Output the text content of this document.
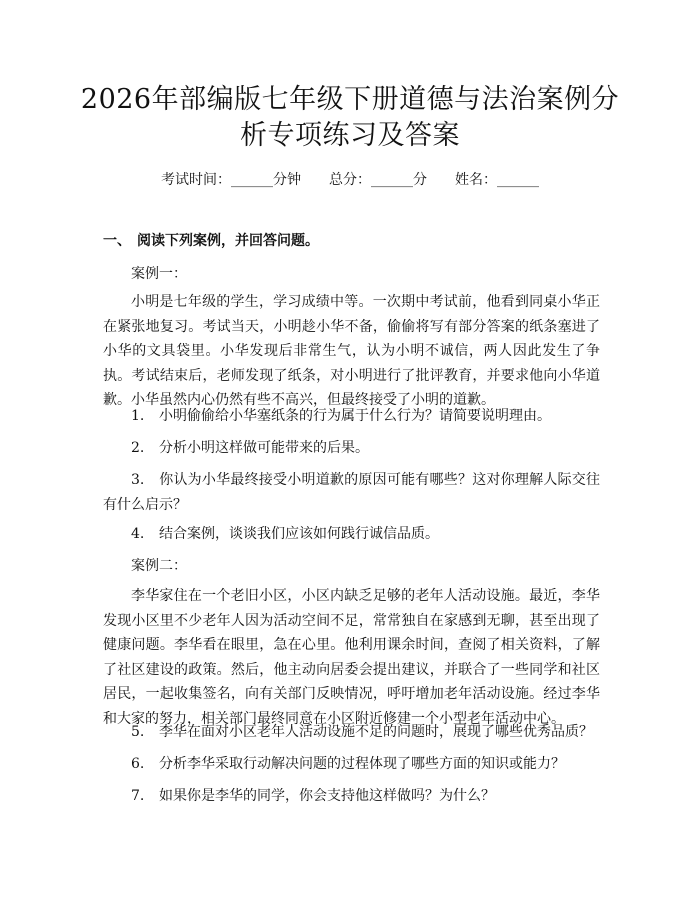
2026年部编版七年级下册道德与法治案例分析专项练习及答案
考试时间：______分钟 总分：______分 姓名：______
一、 阅读下列案例，并回答问题。
案例一：
小明是七年级的学生，学习成绩中等。一次期中考试前，他看到同桌小华正在紧张地复习。考试当天，小明趁小华不备，偷偷将写有部分答案的纸条塞进了小华的文具袋里。小华发现后非常生气，认为小明不诚信，两人因此发生了争执。考试结束后，老师发现了纸条，对小明进行了批评教育，并要求他向小华道歉。小华虽然内心仍然有些不高兴，但最终接受了小明的道歉。
1. 小明偷偷给小华塞纸条的行为属于什么行为？请简要说明理由。
2. 分析小明这样做可能带来的后果。
3. 你认为小华最终接受小明道歉的原因可能有哪些？这对你理解人际交往有什么启示？
4. 结合案例，谈谈我们应该如何践行诚信品质。
案例二：
李华家住在一个老旧小区，小区内缺乏足够的老年人活动设施。最近，李华发现小区里不少老年人因为活动空间不足，常常独自在家感到无聊，甚至出现了健康问题。李华看在眼里，急在心里。他利用课余时间，查阅了相关资料，了解了社区建设的政策。然后，他主动向居委会提出建议，并联合了一些同学和社区居民，一起收集签名，向有关部门反映情况，呼吁增加老年活动设施。经过李华和大家的努力，相关部门最终同意在小区附近修建一个小型老年活动中心。
5. 李华在面对小区老年人活动设施不足的问题时，展现了哪些优秀品质？
6. 分析李华采取行动解决问题的过程体现了哪些方面的知识或能力？
7. 如果你是李华的同学，你会支持他这样做吗？为什么？
